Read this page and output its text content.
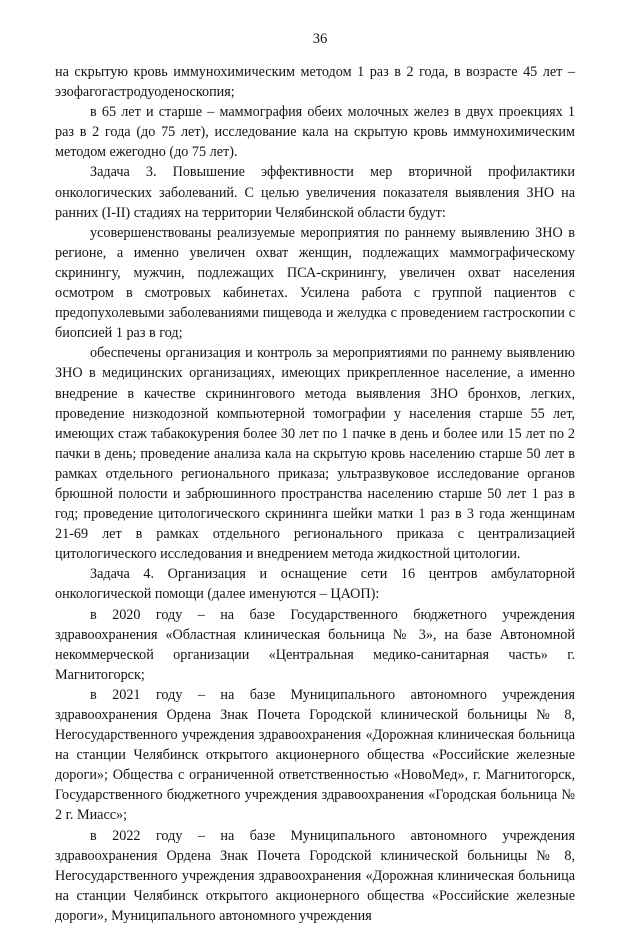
36

на скрытую кровь иммунохимическим методом 1 раз в 2 года, в возрасте 45 лет – эзофагогастродуоденоскопия;

в 65 лет и старше – маммография обеих молочных желез в двух проекциях 1 раз в 2 года (до 75 лет), исследование кала на скрытую кровь иммунохимическим методом ежегодно (до 75 лет).

Задача 3. Повышение эффективности мер вторичной профилактики онкологических заболеваний. С целью увеличения показателя выявления ЗНО на ранних (I-II) стадиях на территории Челябинской области будут:

усовершенствованы реализуемые мероприятия по раннему выявлению ЗНО в регионе, а именно увеличен охват женщин, подлежащих маммографическому скринингу, мужчин, подлежащих ПСА-скринингу, увеличен охват населения осмотром в смотровых кабинетах. Усилена работа с группой пациентов с предопухолевыми заболеваниями пищевода и желудка с проведением гастроскопии с биопсией 1 раз в год;

обеспечены организация и контроль за мероприятиями по раннему выявлению ЗНО в медицинских организациях, имеющих прикрепленное население, а именно внедрение в качестве скринингового метода выявления ЗНО бронхов, легких, проведение низкодозной компьютерной томографии у населения старше 55 лет, имеющих стаж табакокурения более 30 лет по 1 пачке в день и более или 15 лет по 2 пачки в день; проведение анализа кала на скрытую кровь населению старше 50 лет в рамках отдельного регионального приказа; ультразвуковое исследование органов брюшной полости и забрюшинного пространства населению старше 50 лет 1 раз в год; проведение цитологического скрининга шейки матки 1 раз в 3 года женщинам 21-69 лет в рамках отдельного регионального приказа с централизацией цитологического исследования и внедрением метода жидкостной цитологии.

Задача 4. Организация и оснащение сети 16 центров амбулаторной онкологической помощи (далее именуются – ЦАОП):

в 2020 году – на базе Государственного бюджетного учреждения здравоохранения «Областная клиническая больница № 3», на базе Автономной некоммерческой организации «Центральная медико-санитарная часть» г. Магнитогорск;

в 2021 году – на базе Муниципального автономного учреждения здравоохранения Ордена Знак Почета Городской клинической больницы № 8, Негосударственного учреждения здравоохранения «Дорожная клиническая больница на станции Челябинск открытого акционерного общества «Российские железные дороги»; Общества с ограниченной ответственностью «НовоМед», г. Магнитогорск, Государственного бюджетного учреждения здравоохранения «Городская больница № 2 г. Миасс»;

в 2022 году – на базе Муниципального автономного учреждения здравоохранения Ордена Знак Почета Городской клинической больницы № 8, Негосударственного учреждения здравоохранения «Дорожная клиническая больница на станции Челябинск открытого акционерного общества «Российские железные дороги», Муниципального автономного учреждения
